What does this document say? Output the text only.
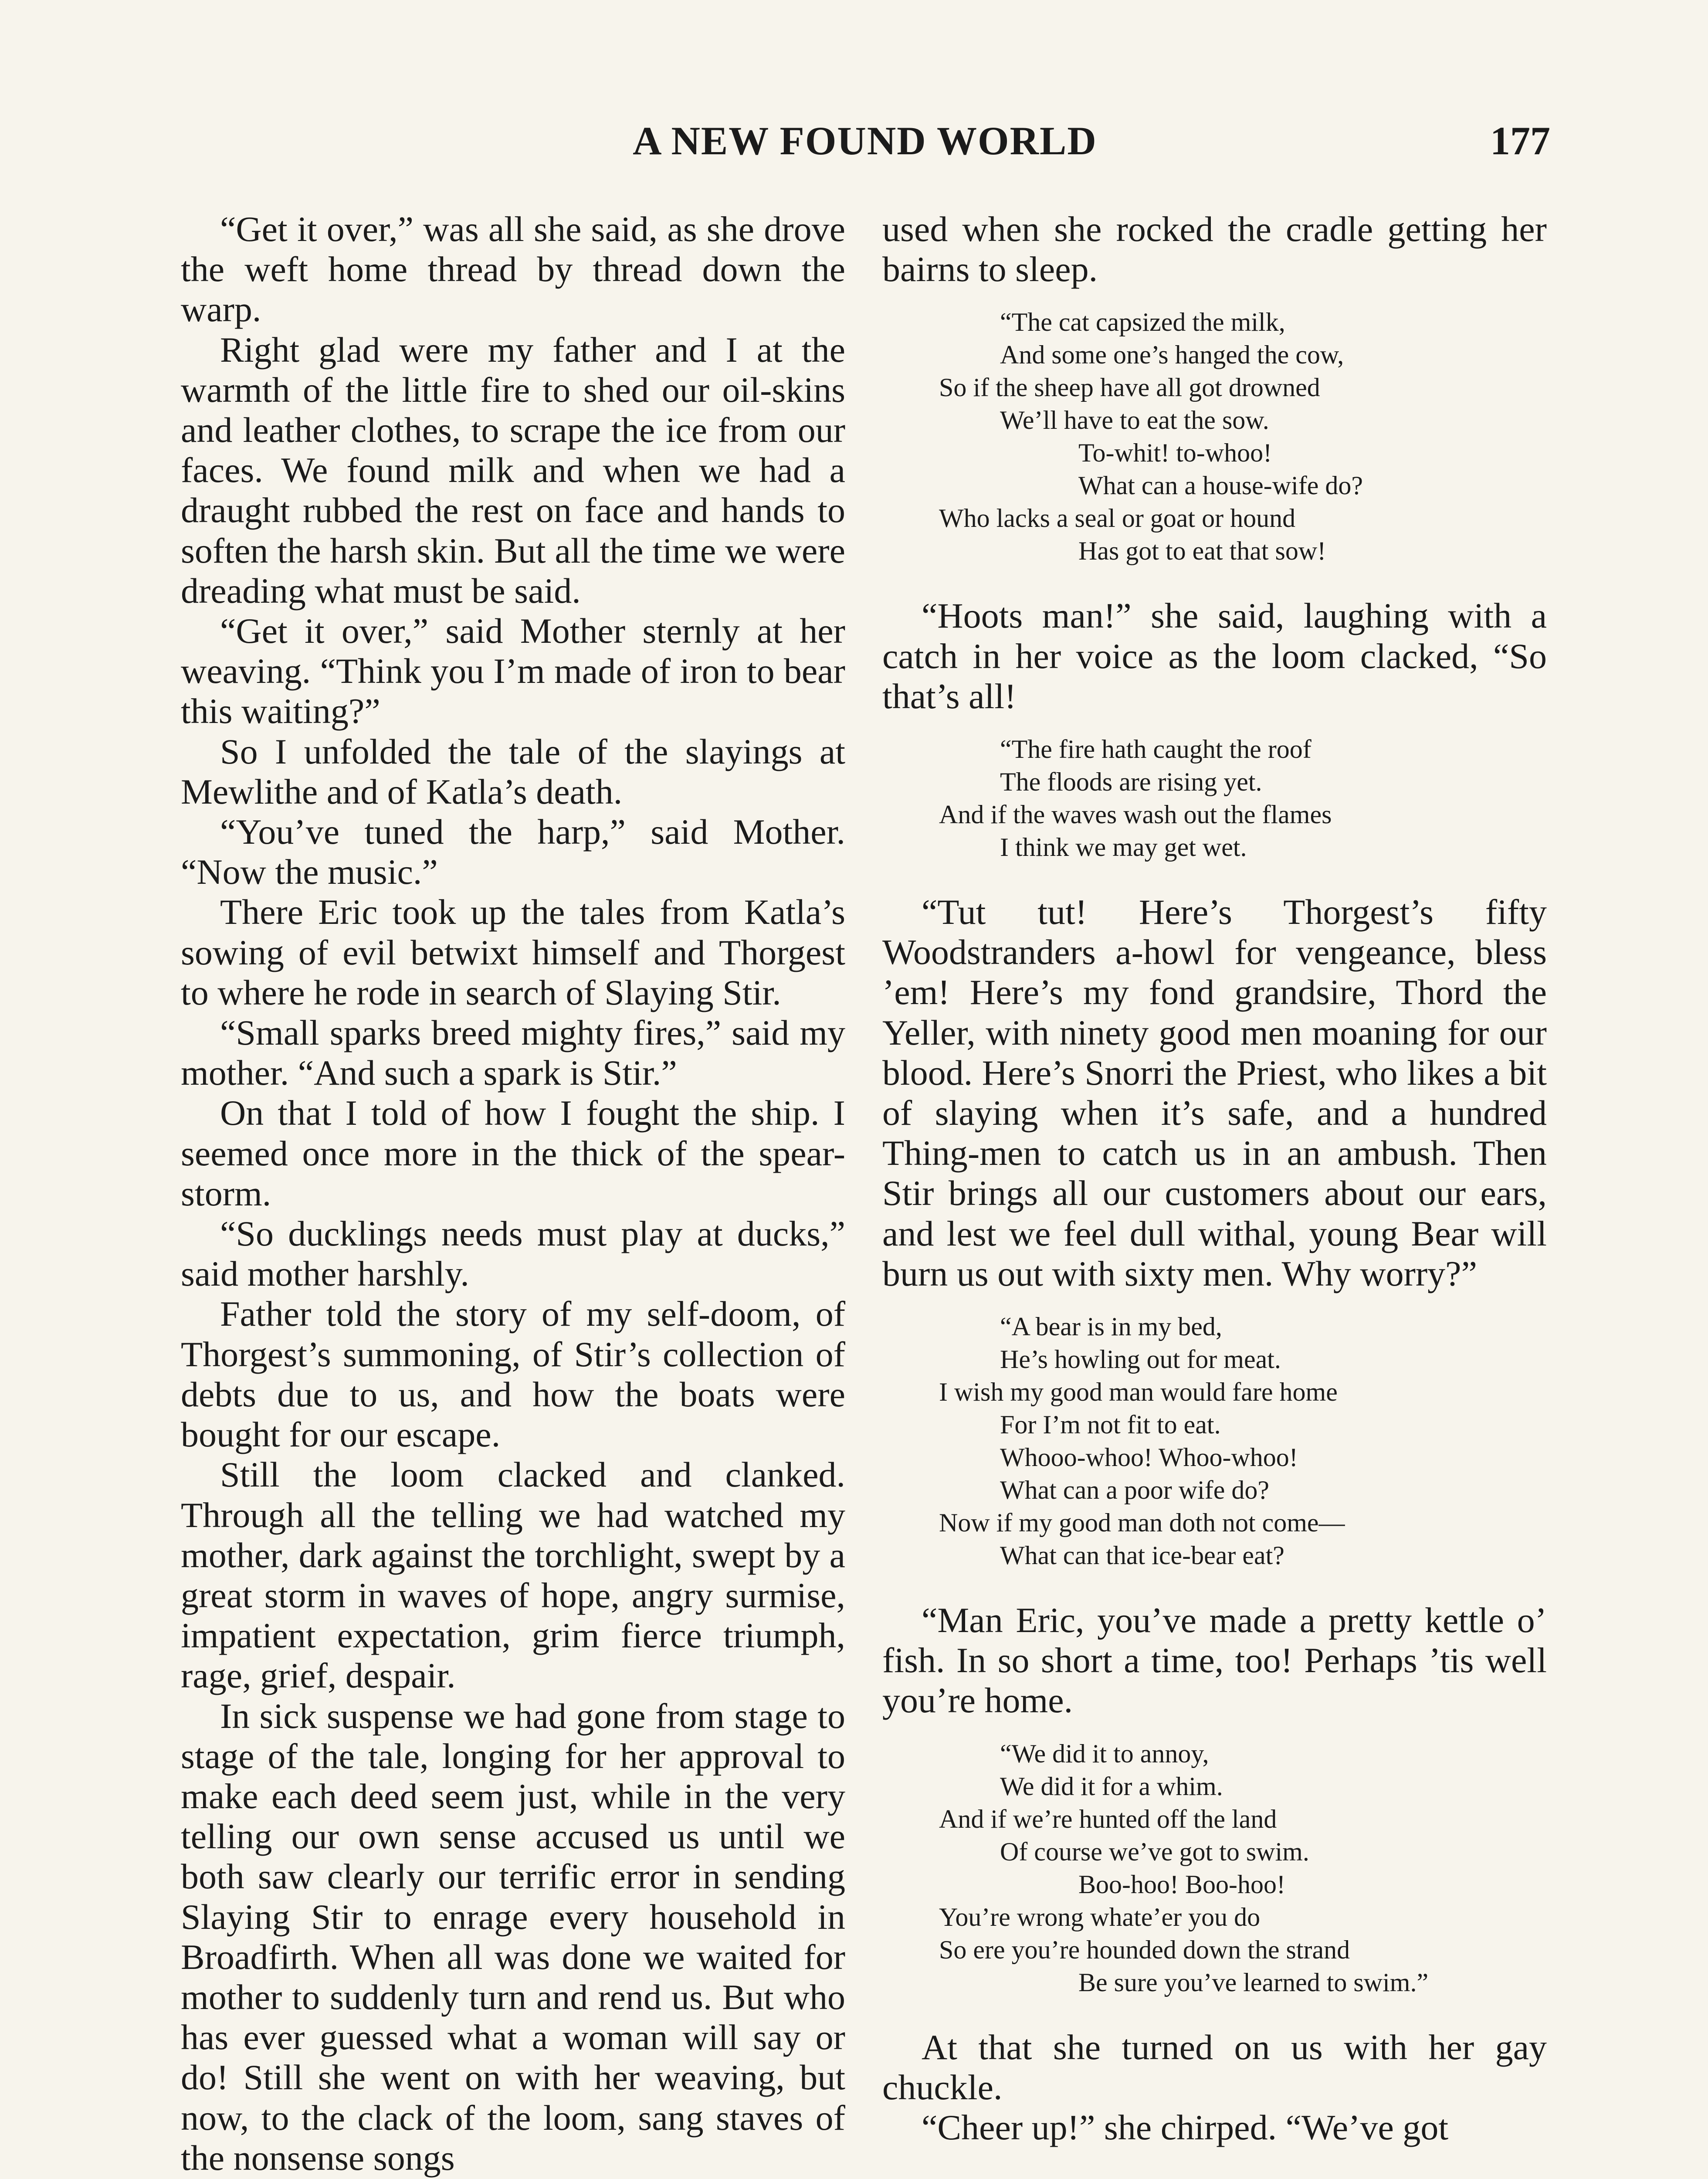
A NEW FOUND WORLD	177

“Get it over,” was all she said, as she drove the weft home thread by thread down the warp.

Right glad were my father and I at the warmth of the little fire to shed our oil-skins and leather clothes, to scrape the ice from our faces. We found milk and when we had a draught rubbed the rest on face and hands to soften the harsh skin. But all the time we were dreading what must be said.

“Get it over,” said Mother sternly at her weaving. “Think you I’m made of iron to bear this waiting?”

So I unfolded the tale of the slayings at Mewlithe and of Katla’s death.

“You’ve tuned the harp,” said Mother. “Now the music.”

There Eric took up the tales from Katla’s sowing of evil betwixt himself and Thorgest to where he rode in search of Slaying Stir.

“Small sparks breed mighty fires,” said my mother. “And such a spark is Stir.”

On that I told of how I fought the ship. I seemed once more in the thick of the spear-storm.

“So ducklings needs must play at ducks,” said mother harshly.

Father told the story of my self-doom, of Thorgest’s summoning, of Stir’s collection of debts due to us, and how the boats were bought for our escape.

Still the loom clacked and clanked. Through all the telling we had watched my mother, dark against the torchlight, swept by a great storm in waves of hope, angry surmise, impatient expectation, grim fierce triumph, rage, grief, despair.

In sick suspense we had gone from stage to stage of the tale, longing for her approval to make each deed seem just, while in the very telling our own sense accused us until we both saw clearly our terrific error in sending Slaying Stir to enrage every household in Broadfirth. When all was done we waited for mother to suddenly turn and rend us. But who has ever guessed what a woman will say or do! Still she went on with her weaving, but now, to the clack of the loom, sang staves of the nonsense songs

used when she rocked the cradle getting her bairns to sleep.

“The cat capsized the milk,
And some one’s hanged the cow,
So if the sheep have all got drowned
We’ll have to eat the sow.
To-whit! to-whoo!
What can a house-wife do?
Who lacks a seal or goat or hound
Has got to eat that sow!

“Hoots man!” she said, laughing with a catch in her voice as the loom clacked, “So that’s all!

“The fire hath caught the roof
The floods are rising yet.
And if the waves wash out the flames
I think we may get wet.

“Tut tut! Here’s Thorgest’s fifty Woodstranders a-howl for vengeance, bless ’em! Here’s my fond grandsire, Thord the Yeller, with ninety good men moaning for our blood. Here’s Snorri the Priest, who likes a bit of slaying when it’s safe, and a hundred Thing-men to catch us in an ambush. Then Stir brings all our customers about our ears, and lest we feel dull withal, young Bear will burn us out with sixty men. Why worry?”

“A bear is in my bed,
He’s howling out for meat.
I wish my good man would fare home
For I’m not fit to eat.
Whooo-whoo! Whoo-whoo!
What can a poor wife do?
Now if my good man doth not come—
What can that ice-bear eat?

“Man Eric, you’ve made a pretty kettle o’ fish. In so short a time, too! Perhaps ’tis well you’re home.

“We did it to annoy,
We did it for a whim.
And if we’re hunted off the land
Of course we’ve got to swim.
Boo-hoo! Boo-hoo!
You’re wrong whate’er you do
So ere you’re hounded down the strand
Be sure you’ve learned to swim.”

At that she turned on us with her gay chuckle.

“Cheer up!” she chirped. “We’ve got
